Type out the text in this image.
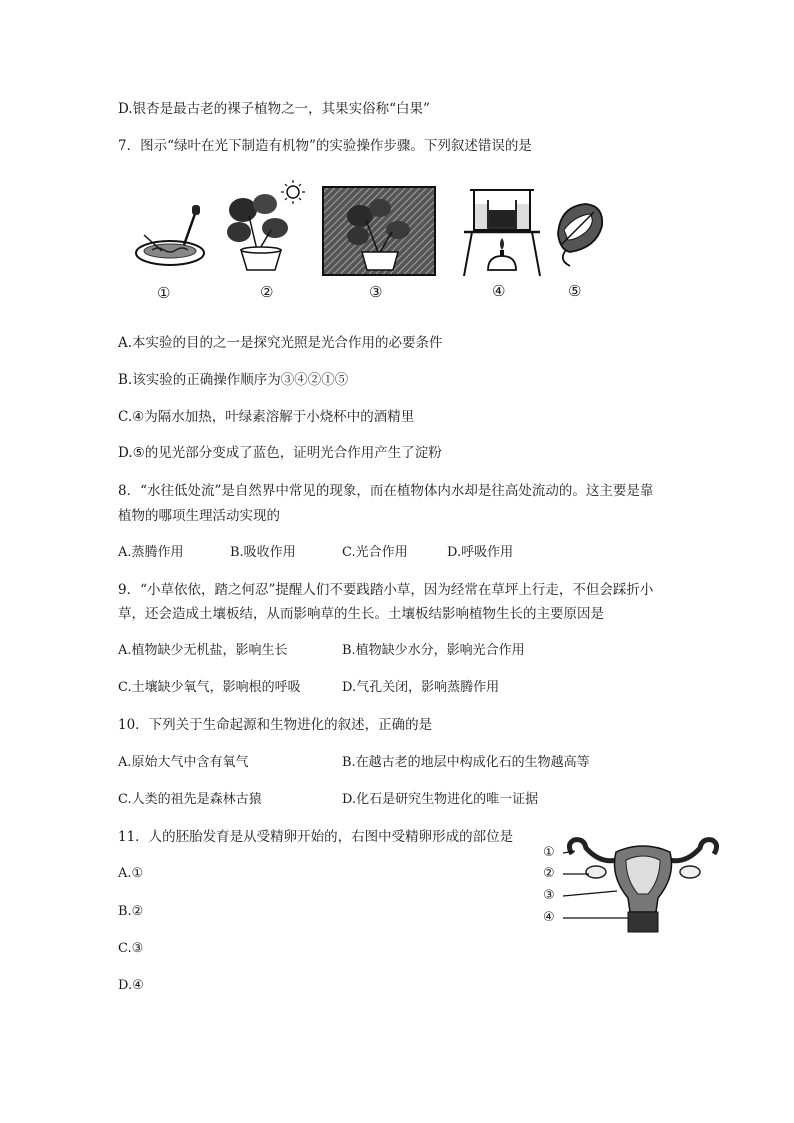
D.银杏是最古老的裸子植物之一，其果实俗称“白果”
7．图示“绿叶在光下制造有机物”的实验操作步骤。下列叙述错误的是
①	②	③	④	⑤
A.本实验的目的之一是探究光照是光合作用的必要条件
B.该实验的正确操作顺序为③④②①⑤
C.④为隔水加热，叶绿素溶解于小烧杯中的酒精里
D.⑤的见光部分变成了蓝色，证明光合作用产生了淀粉
8．“水往低处流”是自然界中常见的现象，而在植物体内水却是往高处流动的。这主要是靠
植物的哪项生理活动实现的
A.蒸腾作用	B.吸收作用	C.光合作用	D.呼吸作用
9．“小草依依，踏之何忍”提醒人们不要践踏小草，因为经常在草坪上行走，不但会踩折小
草，还会造成土壤板结，从而影响草的生长。土壤板结影响植物生长的主要原因是
A.植物缺少无机盐，影响生长	B.植物缺少水分，影响光合作用
C.土壤缺少氧气，影响根的呼吸	D.气孔关闭，影响蒸腾作用
10．下列关于生命起源和生物进化的叙述，正确的是
A.原始大气中含有氧气	B.在越古老的地层中构成化石的生物越高等
C.人类的祖先是森林古猿	D.化石是研究生物进化的唯一证据
11．人的胚胎发育是从受精卵开始的，右图中受精卵形成的部位是
A.①
B.②
C.③
D.④
①
②
③
④
